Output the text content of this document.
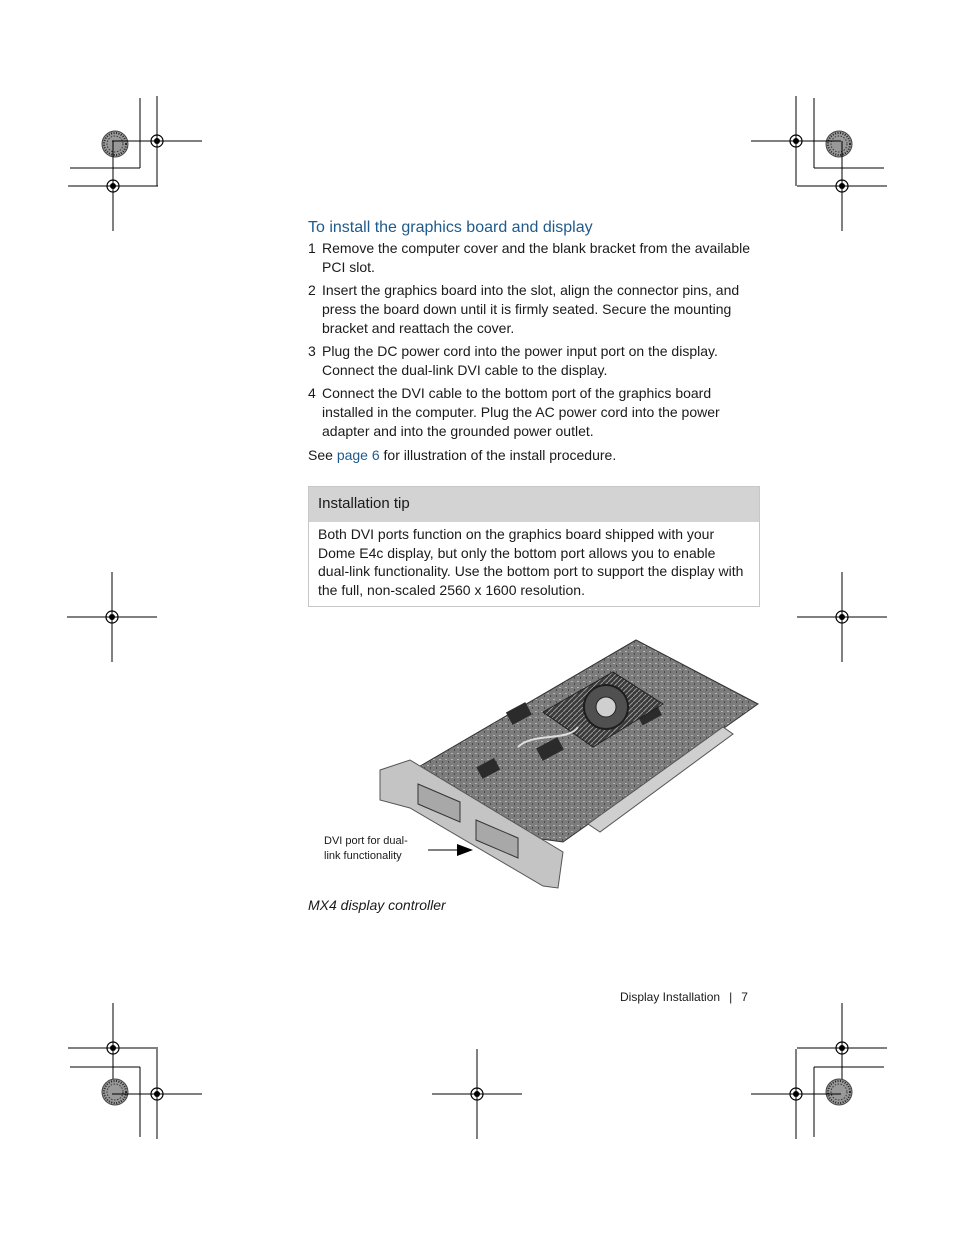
To install the graphics board and display
1 Remove the computer cover and the blank bracket from the available PCI slot.
2 Insert the graphics board into the slot, align the connector pins, and press the board down until it is firmly seated. Secure the mounting bracket and reattach the cover.
3 Plug the DC power cord into the power input port on the display. Connect the dual-link DVI cable to the display.
4 Connect the DVI cable to the bottom port of the graphics board installed in the computer. Plug the AC power cord into the power adapter and into the grounded power outlet.

See page 6 for illustration of the install procedure.

Installation tip
Both DVI ports function on the graphics board shipped with your Dome E4c display, but only the bottom port allows you to enable dual-link functionality. Use the bottom port to support the display with the full, non-scaled 2560 x 1600 resolution.
DVI port for dual-link functionality

MX4 display controller

Display Installation | 7
